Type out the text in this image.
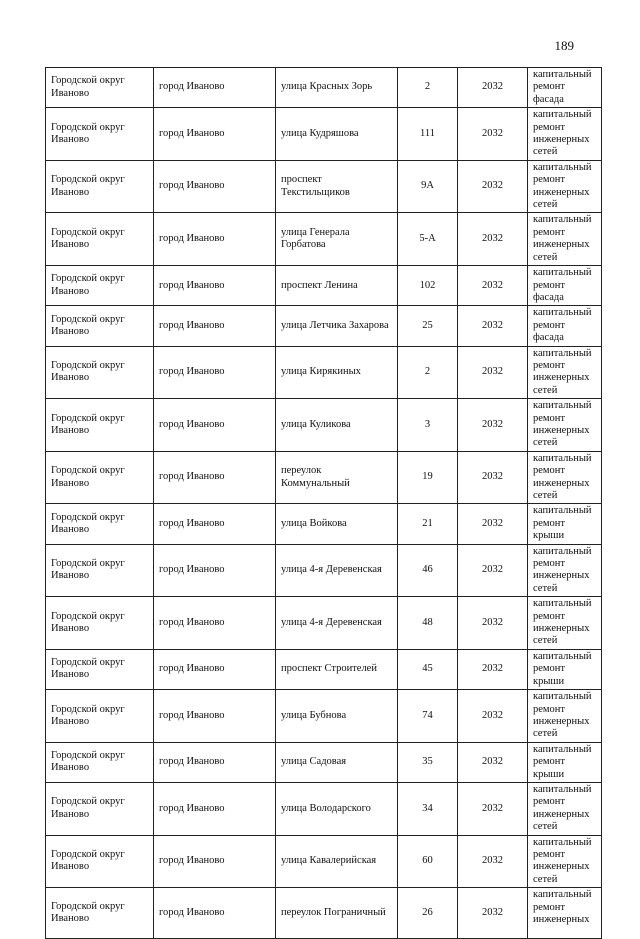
189
Городской округ Иваново	город Иваново	улица Красных Зорь	2	2032	капитальный ремонт фасада
Городской округ Иваново	город Иваново	улица Кудряшова	111	2032	капитальный ремонт инженерных сетей
Городской округ Иваново	город Иваново	проспект Текстильщиков	9А	2032	капитальный ремонт инженерных сетей
Городской округ Иваново	город Иваново	улица Генерала Горбатова	5-А	2032	капитальный ремонт инженерных сетей
Городской округ Иваново	город Иваново	проспект Ленина	102	2032	капитальный ремонт фасада
Городской округ Иваново	город Иваново	улица Летчика Захарова	25	2032	капитальный ремонт фасада
Городской округ Иваново	город Иваново	улица Кирякиных	2	2032	капитальный ремонт инженерных сетей
Городской округ Иваново	город Иваново	улица Куликова	3	2032	капитальный ремонт инженерных сетей
Городской округ Иваново	город Иваново	переулок Коммунальный	19	2032	капитальный ремонт инженерных сетей
Городской округ Иваново	город Иваново	улица Войкова	21	2032	капитальный ремонт крыши
Городской округ Иваново	город Иваново	улица 4-я Деревенская	46	2032	капитальный ремонт инженерных сетей
Городской округ Иваново	город Иваново	улица 4-я Деревенская	48	2032	капитальный ремонт инженерных сетей
Городской округ Иваново	город Иваново	проспект Строителей	45	2032	капитальный ремонт крыши
Городской округ Иваново	город Иваново	улица Бубнова	74	2032	капитальный ремонт инженерных сетей
Городской округ Иваново	город Иваново	улица Садовая	35	2032	капитальный ремонт крыши
Городской округ Иваново	город Иваново	улица Володарского	34	2032	капитальный ремонт инженерных сетей
Городской округ Иваново	город Иваново	улица Кавалерийская	60	2032	капитальный ремонт инженерных сетей
Городской округ Иваново	город Иваново	переулок Пограничный	26	2032	капитальный ремонт инженерных
